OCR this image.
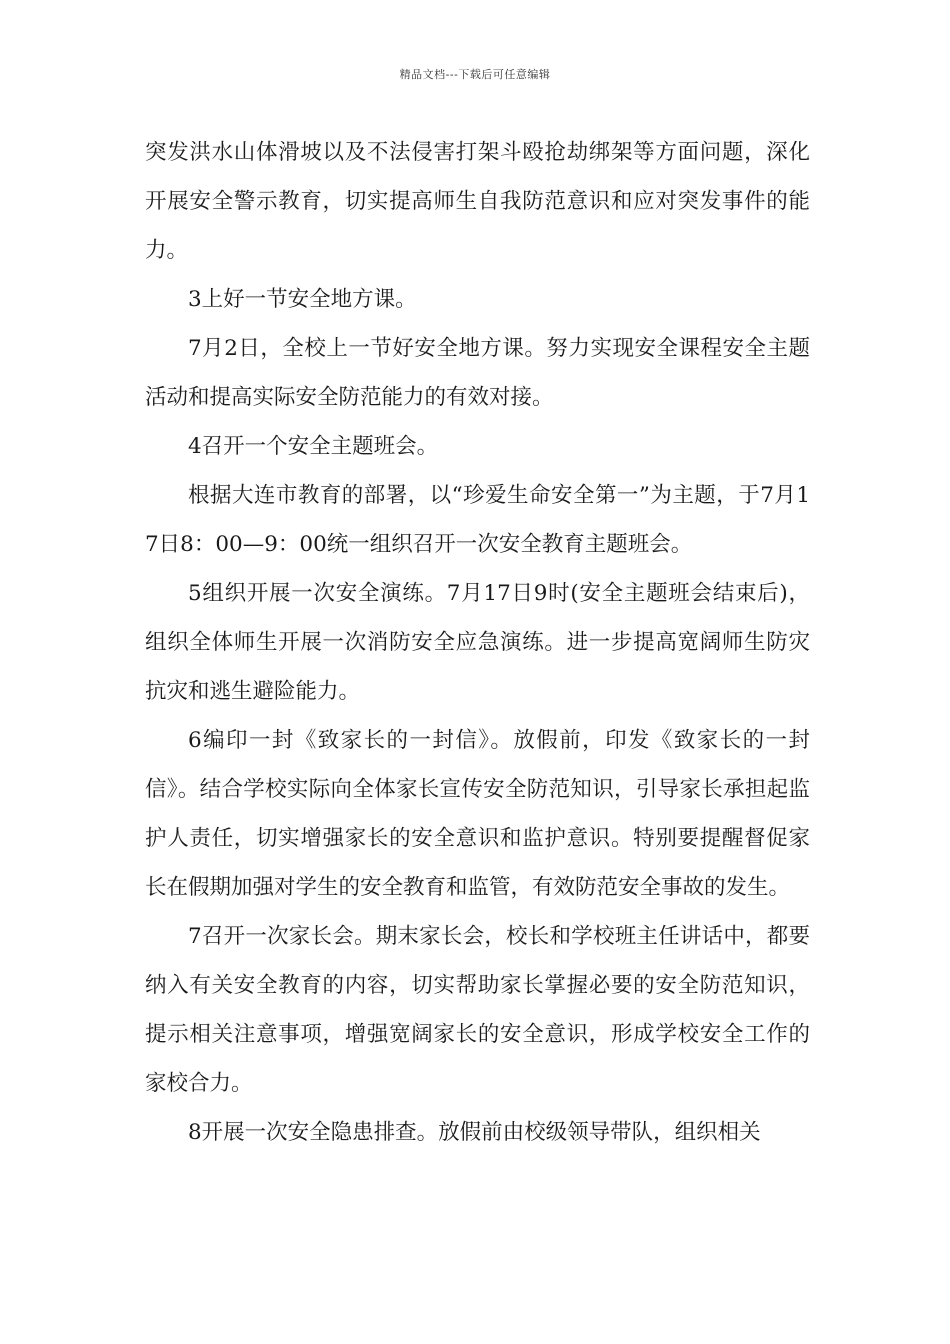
精品文档---下载后可任意编辑

突发洪水山体滑坡以及不法侵害打架斗殴抢劫绑架等方面问题，深化开展安全警示教育，切实提高师生自我防范意识和应对突发事件的能力。

3上好一节安全地方课。

7月2日，全校上一节好安全地方课。努力实现安全课程安全主题活动和提高实际安全防范能力的有效对接。

4召开一个安全主题班会。

根据大连市教育的部署，以“珍爱生命安全第一”为主题，于7月17日8：00—9：00统一组织召开一次安全教育主题班会。

5组织开展一次安全演练。7月17日9时(安全主题班会结束后)，组织全体师生开展一次消防安全应急演练。进一步提高宽阔师生防灾抗灾和逃生避险能力。

6编印一封《致家长的一封信》。放假前，印发《致家长的一封信》。结合学校实际向全体家长宣传安全防范知识，引导家长承担起监护人责任，切实增强家长的安全意识和监护意识。特别要提醒督促家长在假期加强对学生的安全教育和监管，有效防范安全事故的发生。

7召开一次家长会。期末家长会，校长和学校班主任讲话中，都要纳入有关安全教育的内容，切实帮助家长掌握必要的安全防范知识，提示相关注意事项，增强宽阔家长的安全意识，形成学校安全工作的家校合力。

8开展一次安全隐患排查。放假前由校级领导带队，组织相关
